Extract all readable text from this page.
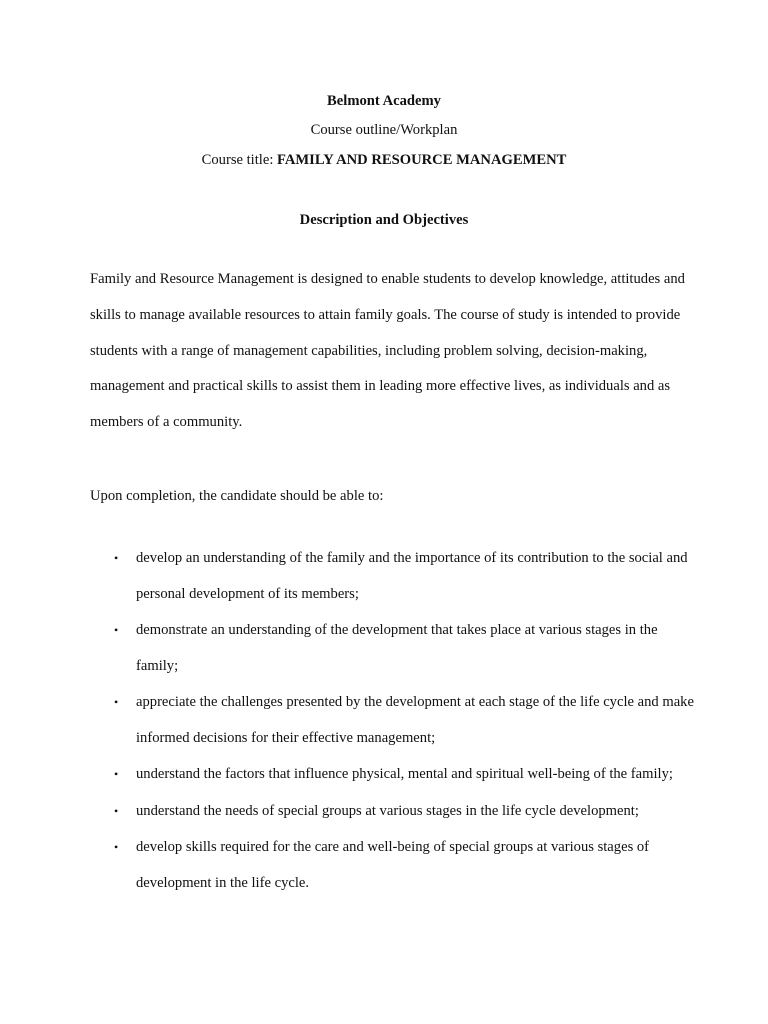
Belmont Academy
Course outline/Workplan
Course title: FAMILY AND RESOURCE MANAGEMENT
Description and Objectives

Family and Resource Management is designed to enable students to develop knowledge, attitudes and skills to manage available resources to attain family goals. The course of study is intended to provide students with a range of management capabilities, including problem solving, decision-making, management and practical skills to assist them in leading more effective lives, as individuals and as members of a community.

Upon completion, the candidate should be able to:
• develop an understanding of the family and the importance of its contribution to the social and personal development of its members;
• demonstrate an understanding of the development that takes place at various stages in the family;
• appreciate the challenges presented by the development at each stage of the life cycle and make informed decisions for their effective management;
• understand the factors that influence physical, mental and spiritual well-being of the family;
• understand the needs of special groups at various stages in the life cycle development;
• develop skills required for the care and well-being of special groups at various stages of development in the life cycle.
